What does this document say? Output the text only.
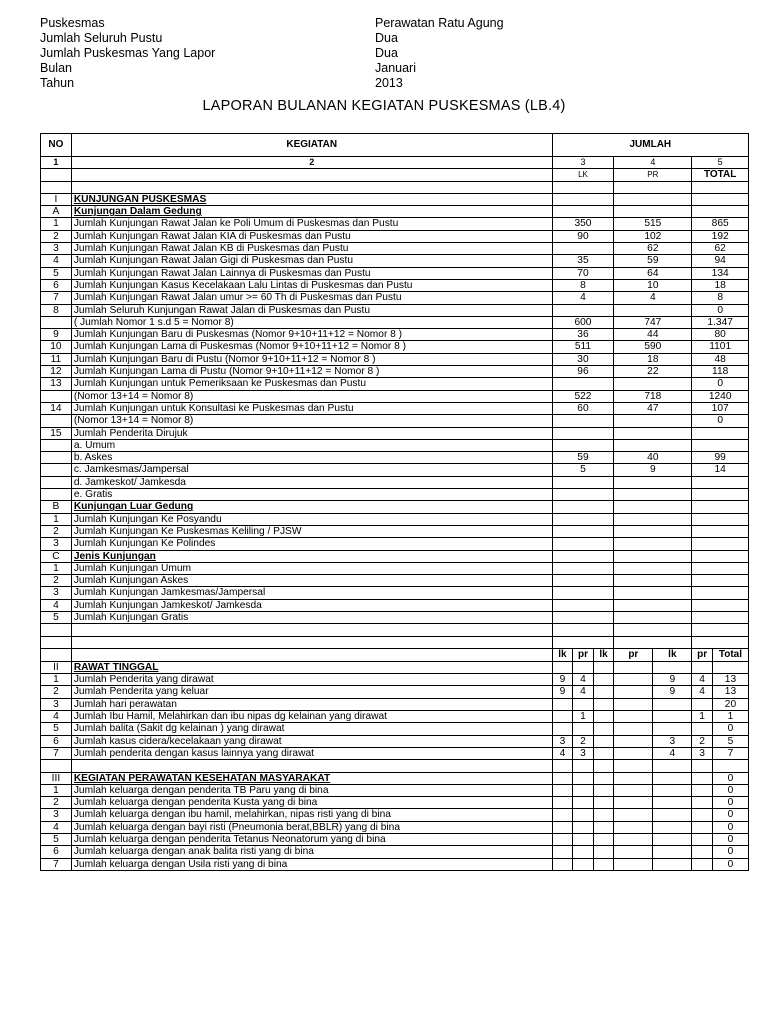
Puskesmas	Perawatan Ratu Agung
Jumlah Seluruh Pustu	Dua
Jumlah Puskesmas Yang Lapor	Dua
Bulan	Januari
Tahun	2013
LAPORAN BULANAN KEGIATAN PUSKESMAS (LB.4)
NO	KEGIATAN	JUMLAH						
1	2	3			4		5	
		LK			PR		TOTAL	

I	KUNJUNGAN PUSKESMAS							
A	Kunjungan Dalam Gedung							
1	Jumlah Kunjungan Rawat Jalan ke Poli Umum di Puskesmas dan Pustu	350			515		865	
2	Jumlah Kunjungan Rawat Jalan KIA di Puskesmas dan Pustu	90			102		192	
3	Jumlah Kunjungan Rawat Jalan KB di Puskesmas dan Pustu				62		62	
4	Jumlah Kunjungan Rawat Jalan Gigi di Puskesmas dan Pustu	35			59		94	
5	Jumlah Kunjungan Rawat Jalan Lainnya di Puskesmas dan Pustu	70			64		134	
6	Jumlah Kunjungan Kasus Kecelakaan Lalu Lintas di Puskesmas dan Pustu	8			10		18	
7	Jumlah Kunjungan Rawat Jalan umur >= 60 Th di Puskesmas dan Pustu	4			4		8	
8	Jumlah Seluruh Kunjungan Rawat Jalan di Puskesmas dan Pustu						0	
	( Jumlah Nomor 1 s.d 5 = Nomor 8)	600			747		1.347	
9	Jumlah Kunjungan Baru di Puskesmas (Nomor 9+10+11+12 = Nomor 8 )	36			44		80	
10	Jumlah Kunjungan Lama di Puskesmas (Nomor 9+10+11+12 = Nomor 8 )	511			590		1101	
11	Jumlah Kunjungan Baru di Pustu (Nomor 9+10+11+12 = Nomor 8 )	30			18		48	
12	Jumlah Kunjungan Lama di Pustu (Nomor 9+10+11+12 = Nomor 8 )	96			22		118	
13	Jumlah Kunjungan untuk Pemeriksaan ke Puskesmas dan Pustu						0	
	(Nomor 13+14 = Nomor 8)	522			718		1240	
14	Jumlah Kunjungan untuk Konsultasi ke Puskesmas dan Pustu	60			47		107	
	(Nomor 13+14 = Nomor 8)						0	
15	Jumlah Penderita Dirujuk							
	a. Umum							
	b. Askes	59			40		99	
	c. Jamkesmas/Jampersal	5			9		14	
	d. Jamkeskot/ Jamkesda							
	e. Gratis							
B	Kunjungan Luar Gedung							
1	Jumlah Kunjungan Ke Posyandu							
2	Jumlah Kunjungan Ke Puskesmas Keliling / PJSW							
3	Jumlah Kunjungan Ke Polindes							
C	Jenis Kunjungan							
1	Jumlah Kunjungan Umum							
2	Jumlah Kunjungan Askes							
3	Jumlah Kunjungan Jamkesmas/Jampersal							
4	Jumlah Kunjungan Jamkeskot/ Jamkesda							
5	Jumlah Kunjungan Gratis							

		lk	pr	lk	pr	lk	pr	Total
II	RAWAT TINGGAL							
1	Jumlah Penderita yang dirawat	9	4			9	4	13
2	Jumlah Penderita yang keluar	9	4			9	4	13
3	Jumlah hari perawatan							20
4	Jumlah Ibu Hamil, Melahirkan dan ibu nipas dg kelainan yang dirawat		1				1	1
5	Jumlah balita (Sakit dg kelainan ) yang dirawat							0
6	Jumlah kasus cidera/kecelakaan yang dirawat	3	2			3	2	5
7	Jumlah penderita dengan kasus lainnya yang dirawat	4	3			4	3	7

III	KEGIATAN PERAWATAN KESEHATAN MASYARAKAT							0
1	Jumlah keluarga dengan penderita TB Paru yang di bina							0
2	Jumlah keluarga dengan penderita Kusta yang di bina							0
3	Jumlah keluarga dengan ibu hamil, melahirkan, nipas risti yang di bina							0
4	Jumlah keluarga dengan bayi risti (Pneumonia berat,BBLR) yang di bina							0
5	Jumlah keluarga dengan penderita Tetanus Neonatorum yang di bina							0
6	Jumlah keluarga dengan anak balita risti yang di bina							0
7	Jumlah keluarga dengan Usila risti yang di bina							0
